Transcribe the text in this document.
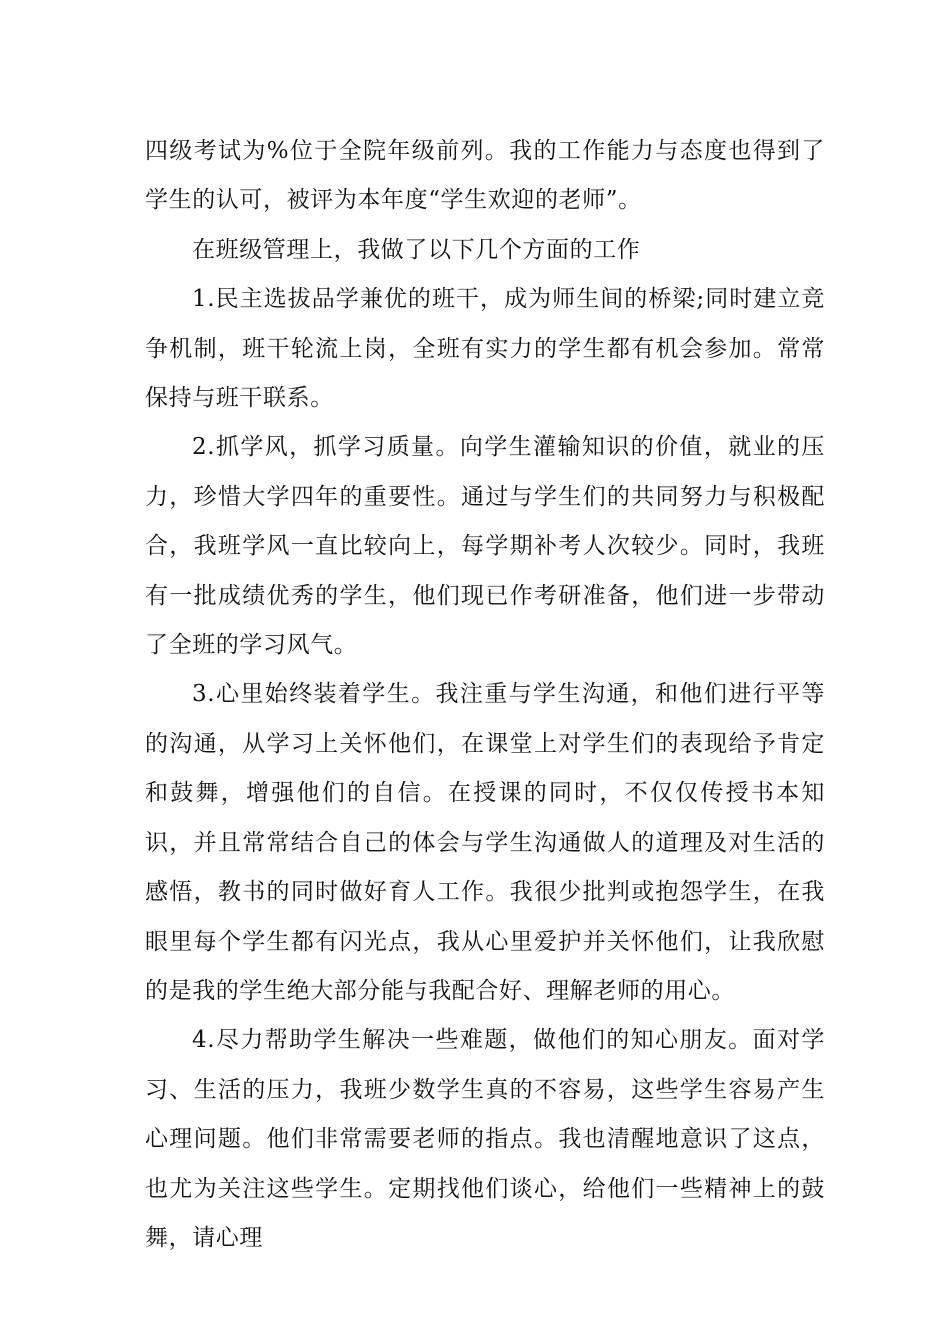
四级考试为%位于全院年级前列。我的工作能力与态度也得到了学生的认可，被评为本年度“学生欢迎的老师”。

在班级管理上，我做了以下几个方面的工作

1.民主选拔品学兼优的班干，成为师生间的桥梁;同时建立竞争机制，班干轮流上岗，全班有实力的学生都有机会参加。常常保持与班干联系。

2.抓学风，抓学习质量。向学生灌输知识的价值，就业的压力，珍惜大学四年的重要性。通过与学生们的共同努力与积极配合，我班学风一直比较向上，每学期补考人次较少。同时，我班有一批成绩优秀的学生，他们现已作考研准备，他们进一步带动了全班的学习风气。

3.心里始终装着学生。我注重与学生沟通，和他们进行平等的沟通，从学习上关怀他们，在课堂上对学生们的表现给予肯定和鼓舞，增强他们的自信。在授课的同时，不仅仅传授书本知识，并且常常结合自己的体会与学生沟通做人的道理及对生活的感悟，教书的同时做好育人工作。我很少批判或抱怨学生，在我眼里每个学生都有闪光点，我从心里爱护并关怀他们，让我欣慰的是我的学生绝大部分能与我配合好、理解老师的用心。

4.尽力帮助学生解决一些难题，做他们的知心朋友。面对学习、生活的压力，我班少数学生真的不容易，这些学生容易产生心理问题。他们非常需要老师的指点。我也清醒地意识了这点，也尤为关注这些学生。定期找他们谈心，给他们一些精神上的鼓舞，请心理
